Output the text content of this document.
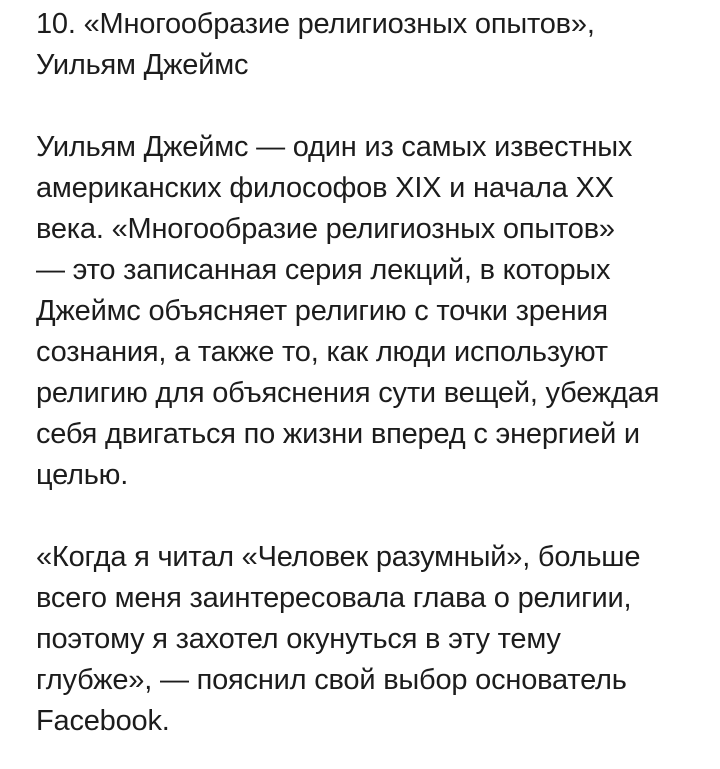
10. «Многообразие религиозных опытов»,
Уильям Джеймс

Уильям Джеймс — один из самых известных
американских философов XIX и начала XX
века. «Многообразие религиозных опытов»
— это записанная серия лекций, в которых
Джеймс объясняет религию с точки зрения
сознания, а также то, как люди используют
религию для объяснения сути вещей, убеждая
себя двигаться по жизни вперед с энергией и
целью.

«Когда я читал «Человек разумный», больше
всего меня заинтересовала глава о религии,
поэтому я захотел окунуться в эту тему
глубже», — пояснил свой выбор основатель
Facebook.
